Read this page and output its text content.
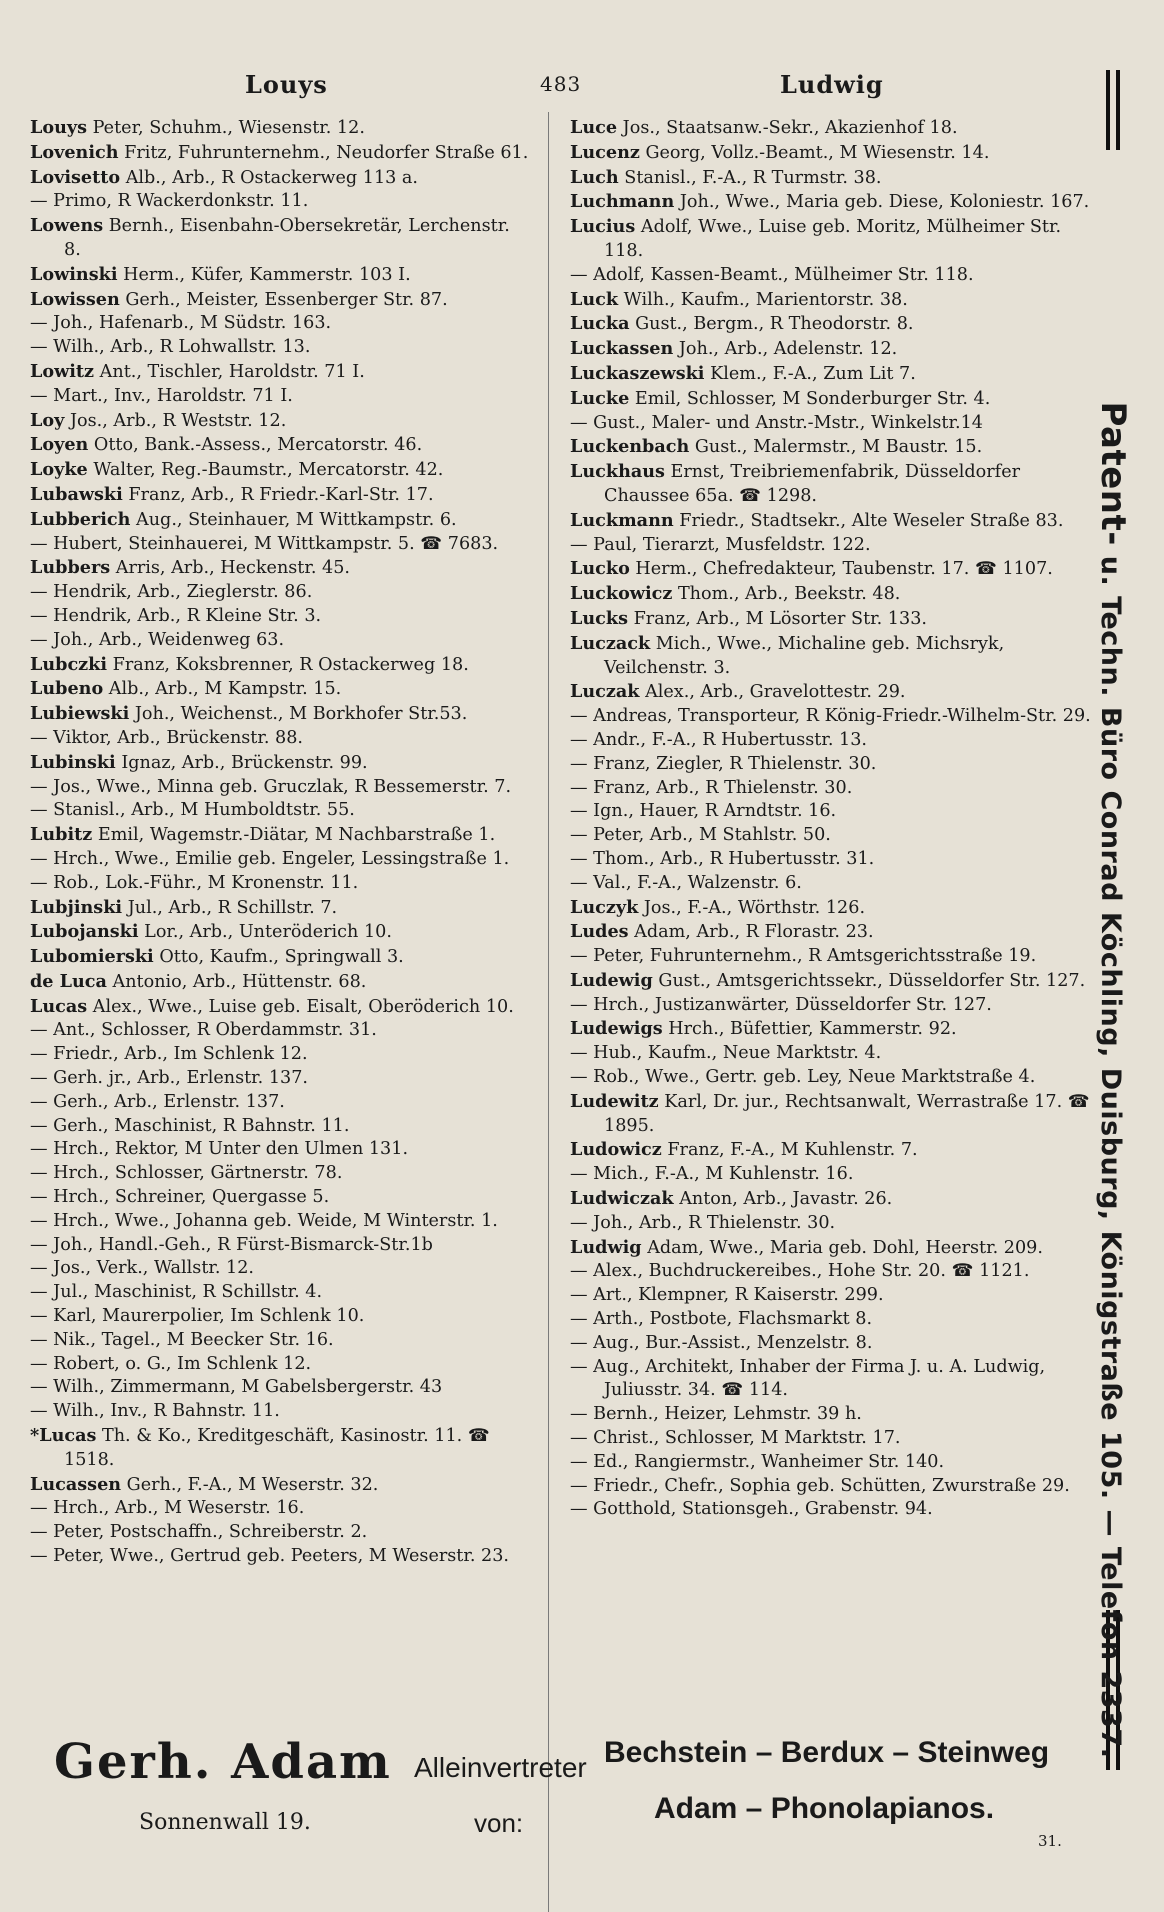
Louys	483	Ludwig
Louys Peter, Schuhm., Wiesenstr. 12.
Lovenich Fritz, Fuhrunternehm., Neudorfer Straße 61.
Lovisetto Alb., Arb., R Ostackerweg 113 a.
— Primo, R Wackerdonkstr. 11.
Lowens Bernh., Eisenbahn-Obersekretär, Lerchenstr. 8.
Lowinski Herm., Küfer, Kammerstr. 103 I.
Lowissen Gerh., Meister, Essenberger Str. 87.
— Joh., Hafenarb., M Südstr. 163.
— Wilh., Arb., R Lohwallstr. 13.
Lowitz Ant., Tischler, Haroldstr. 71 I.
— Mart., Inv., Haroldstr. 71 I.
Loy Jos., Arb., R Weststr. 12.
Loyen Otto, Bank.-Assess., Mercatorstr. 46.
Loyke Walter, Reg.-Baumstr., Mercatorstr. 42.
Lubawski Franz, Arb., R Friedr.-Karl-Str. 17.
Lubberich Aug., Steinhauer, M Wittkampstr. 6.
— Hubert, Steinhauerei, M Wittkampstr. 5. ☎ 7683.
Lubbers Arris, Arb., Heckenstr. 45.
— Hendrik, Arb., Zieglerstr. 86.
— Hendrik, Arb., R Kleine Str. 3.
— Joh., Arb., Weidenweg 63.
Lubczki Franz, Koksbrenner, R Ostackerweg 18.
Lubeno Alb., Arb., M Kampstr. 15.
Lubiewski Joh., Weichenst., M Borkhofer Str.53.
— Viktor, Arb., Brückenstr. 88.
Lubinski Ignaz, Arb., Brückenstr. 99.
— Jos., Wwe., Minna geb. Gruczlak, R Bessemerstr. 7.
— Stanisl., Arb., M Humboldtstr. 55.
Lubitz Emil, Wagemstr.-Diätar, M Nachbarstraße 1.
— Hrch., Wwe., Emilie geb. Engeler, Lessingstraße 1.
— Rob., Lok.-Führ., M Kronenstr. 11.
Lubjinski Jul., Arb., R Schillstr. 7.
Lubojanski Lor., Arb., Unteröderich 10.
Lubomierski Otto, Kaufm., Springwall 3.
de Luca Antonio, Arb., Hüttenstr. 68.
Lucas Alex., Wwe., Luise geb. Eisalt, Oberöderich 10.
— Ant., Schlosser, R Oberdammstr. 31.
— Friedr., Arb., Im Schlenk 12.
— Gerh. jr., Arb., Erlenstr. 137.
— Gerh., Arb., Erlenstr. 137.
— Gerh., Maschinist, R Bahnstr. 11.
— Hrch., Rektor, M Unter den Ulmen 131.
— Hrch., Schlosser, Gärtnerstr. 78.
— Hrch., Schreiner, Quergasse 5.
— Hrch., Wwe., Johanna geb. Weide, M Winterstr. 1.
— Joh., Handl.-Geh., R Fürst-Bismarck-Str.1b
— Jos., Verk., Wallstr. 12.
— Jul., Maschinist, R Schillstr. 4.
— Karl, Maurerpolier, Im Schlenk 10.
— Nik., Tagel., M Beecker Str. 16.
— Robert, o. G., Im Schlenk 12.
— Wilh., Zimmermann, M Gabelsbergerstr. 43
— Wilh., Inv., R Bahnstr. 11.
*Lucas Th. & Ko., Kreditgeschäft, Kasinostr. 11. ☎ 1518.
Lucassen Gerh., F.-A., M Weserstr. 32.
— Hrch., Arb., M Weserstr. 16.
— Peter, Postschaffn., Schreiberstr. 2.
— Peter, Wwe., Gertrud geb. Peeters, M Weserstr. 23.
Luce Jos., Staatsanw.-Sekr., Akazienhof 18.
Lucenz Georg, Vollz.-Beamt., M Wiesenstr. 14.
Luch Stanisl., F.-A., R Turmstr. 38.
Luchmann Joh., Wwe., Maria geb. Diese, Koloniestr. 167.
Lucius Adolf, Wwe., Luise geb. Moritz, Mülheimer Str. 118.
— Adolf, Kassen-Beamt., Mülheimer Str. 118.
Luck Wilh., Kaufm., Marientorstr. 38.
Lucka Gust., Bergm., R Theodorstr. 8.
Luckassen Joh., Arb., Adelenstr. 12.
Luckaszewski Klem., F.-A., Zum Lit 7.
Lucke Emil, Schlosser, M Sonderburger Str. 4.
— Gust., Maler- und Anstr.-Mstr., Winkelstr.14
Luckenbach Gust., Malermstr., M Baustr. 15.
Luckhaus Ernst, Treibriemenfabrik, Düsseldorfer Chaussee 65a. ☎ 1298.
Luckmann Friedr., Stadtsekr., Alte Weseler Straße 83.
— Paul, Tierarzt, Musfeldstr. 122.
Lucko Herm., Chefredakteur, Taubenstr. 17. ☎ 1107.
Luckowicz Thom., Arb., Beekstr. 48.
Lucks Franz, Arb., M Lösorter Str. 133.
Luczack Mich., Wwe., Michaline geb. Michsryk, Veilchenstr. 3.
Luczak Alex., Arb., Gravelottestr. 29.
— Andreas, Transporteur, R König-Friedr.-Wilhelm-Str. 29.
— Andr., F.-A., R Hubertusstr. 13.
— Franz, Ziegler, R Thielenstr. 30.
— Franz, Arb., R Thielenstr. 30.
— Ign., Hauer, R Arndtstr. 16.
— Peter, Arb., M Stahlstr. 50.
— Thom., Arb., R Hubertusstr. 31.
— Val., F.-A., Walzenstr. 6.
Luczyk Jos., F.-A., Wörthstr. 126.
Ludes Adam, Arb., R Florastr. 23.
— Peter, Fuhrunternehm., R Amtsgerichtsstraße 19.
Ludewig Gust., Amtsgerichtssekr., Düsseldorfer Str. 127.
— Hrch., Justizanwärter, Düsseldorfer Str. 127.
Ludewigs Hrch., Büfettier, Kammerstr. 92.
— Hub., Kaufm., Neue Marktstr. 4.
— Rob., Wwe., Gertr. geb. Ley, Neue Marktstraße 4.
Ludewitz Karl, Dr. jur., Rechtsanwalt, Werrastraße 17. ☎ 1895.
Ludowicz Franz, F.-A., M Kuhlenstr. 7.
— Mich., F.-A., M Kuhlenstr. 16.
Ludwiczak Anton, Arb., Javastr. 26.
— Joh., Arb., R Thielenstr. 30.
Ludwig Adam, Wwe., Maria geb. Dohl, Heerstr. 209.
— Alex., Buchdruckereibes., Hohe Str. 20. ☎ 1121.
— Art., Klempner, R Kaiserstr. 299.
— Arth., Postbote, Flachsmarkt 8.
— Aug., Bur.-Assist., Menzelstr. 8.
— Aug., Architekt, Inhaber der Firma J. u. A. Ludwig, Juliusstr. 34. ☎ 114.
— Bernh., Heizer, Lehmstr. 39 h.
— Christ., Schlosser, M Marktstr. 17.
— Ed., Rangiermstr., Wanheimer Str. 140.
— Friedr., Chefr., Sophia geb. Schütten, Zwurstraße 29.
— Gotthold, Stationsgeh., Grabenstr. 94.
Patent- u. Techn. Büro Conrad Köchling, Duisburg, Königstraße 105. — Telefon 2337.
Gerh. Adam
Sonnenwall 19.
Alleinvertreter
von:
Bechstein – Berdux – Steinweg
Adam – Phonolapianos.
31.
